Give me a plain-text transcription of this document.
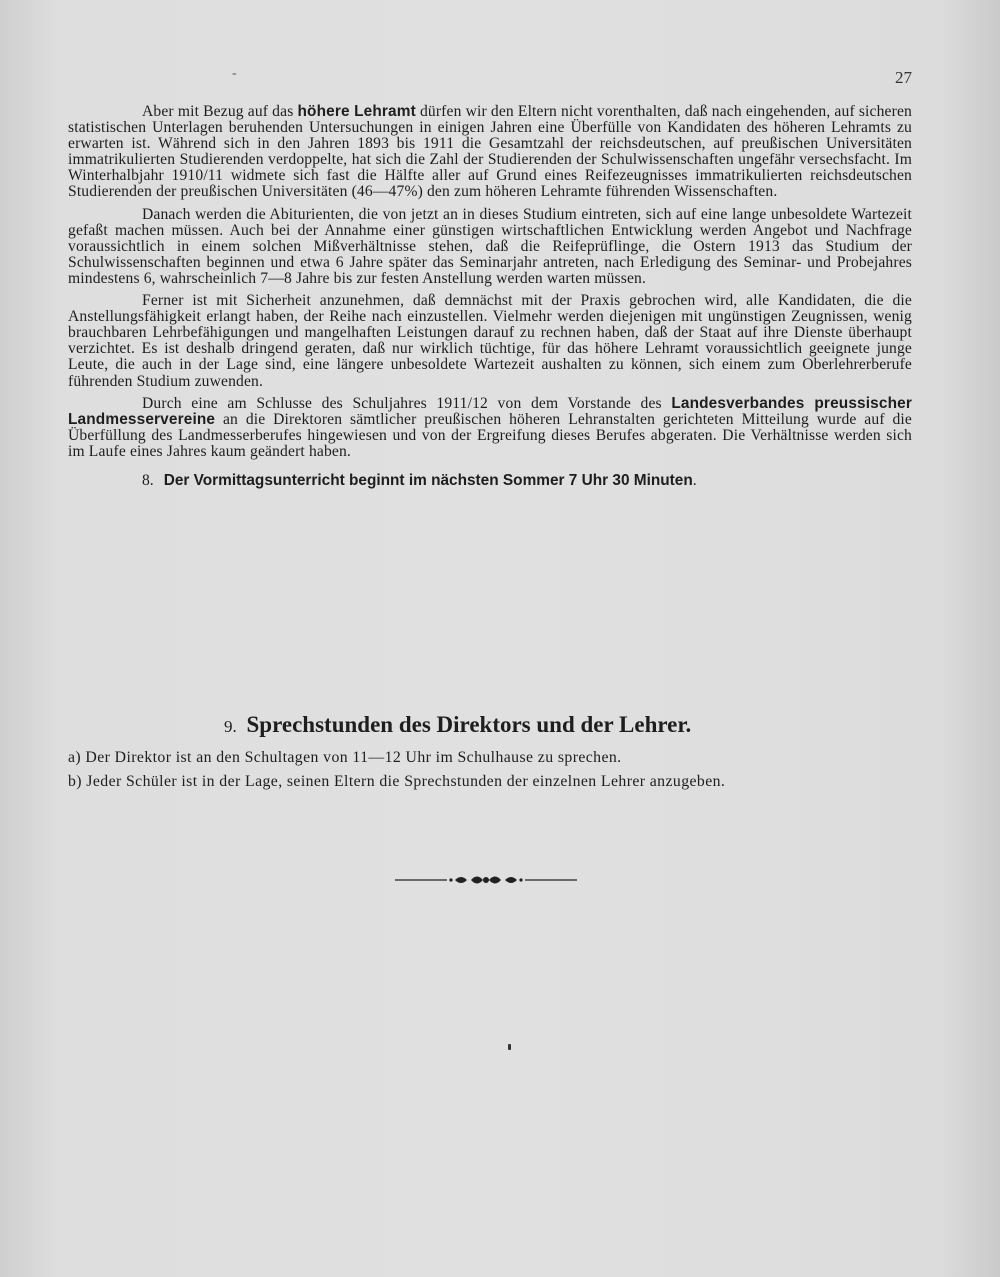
-	27

Aber mit Bezug auf das höhere Lehramt dürfen wir den Eltern nicht vorenthalten, daß nach eingehenden, auf sicheren statistischen Unterlagen beruhenden Untersuchungen in einigen Jahren eine Überfülle von Kandidaten des höheren Lehramts zu erwarten ist. Während sich in den Jahren 1893 bis 1911 die Gesamtzahl der reichsdeutschen, auf preußischen Universitäten immatrikulierten Studierenden verdoppelte, hat sich die Zahl der Studierenden der Schulwissenschaften ungefähr versechsfacht. Im Winterhalbjahr 1910/11 widmete sich fast die Hälfte aller auf Grund eines Reifezeugnisses immatrikulierten reichsdeutschen Studierenden der preußischen Universitäten (46—47%) den zum höheren Lehramte führenden Wissenschaften.

Danach werden die Abiturienten, die von jetzt an in dieses Studium eintreten, sich auf eine lange unbesoldete Wartezeit gefaßt machen müssen. Auch bei der Annahme einer günstigen wirtschaftlichen Entwicklung werden Angebot und Nachfrage voraussichtlich in einem solchen Mißverhältnisse stehen, daß die Reifeprüflinge, die Ostern 1913 das Studium der Schulwissenschaften beginnen und etwa 6 Jahre später das Seminarjahr antreten, nach Erledigung des Seminar- und Probejahres mindestens 6, wahrscheinlich 7—8 Jahre bis zur festen Anstellung werden warten müssen.

Ferner ist mit Sicherheit anzunehmen, daß demnächst mit der Praxis gebrochen wird, alle Kandidaten, die die Anstellungsfähigkeit erlangt haben, der Reihe nach einzustellen. Vielmehr werden diejenigen mit ungünstigen Zeugnissen, wenig brauchbaren Lehrbefähigungen und mangelhaften Leistungen darauf zu rechnen haben, daß der Staat auf ihre Dienste überhaupt verzichtet. Es ist deshalb dringend geraten, daß nur wirklich tüchtige, für das höhere Lehramt voraussichtlich geeignete junge Leute, die auch in der Lage sind, eine längere unbesoldete Wartezeit aushalten zu können, sich einem zum Oberlehrerberufe führenden Studium zuwenden.

Durch eine am Schlusse des Schuljahres 1911/12 von dem Vorstande des Landesverbandes preussischer Landmesservereine an die Direktoren sämtlicher preußischen höheren Lehranstalten gerichteten Mitteilung wurde auf die Überfüllung des Landmesserberufes hingewiesen und von der Ergreifung dieses Berufes abgeraten. Die Verhältnisse werden sich im Laufe eines Jahres kaum geändert haben.

8. Der Vormittagsunterricht beginnt im nächsten Sommer 7 Uhr 30 Minuten.

9. Sprechstunden des Direktors und der Lehrer.

a) Der Direktor ist an den Schultagen von 11—12 Uhr im Schulhause zu sprechen.

b) Jeder Schüler ist in der Lage, seinen Eltern die Sprechstunden der einzelnen Lehrer anzugeben.
